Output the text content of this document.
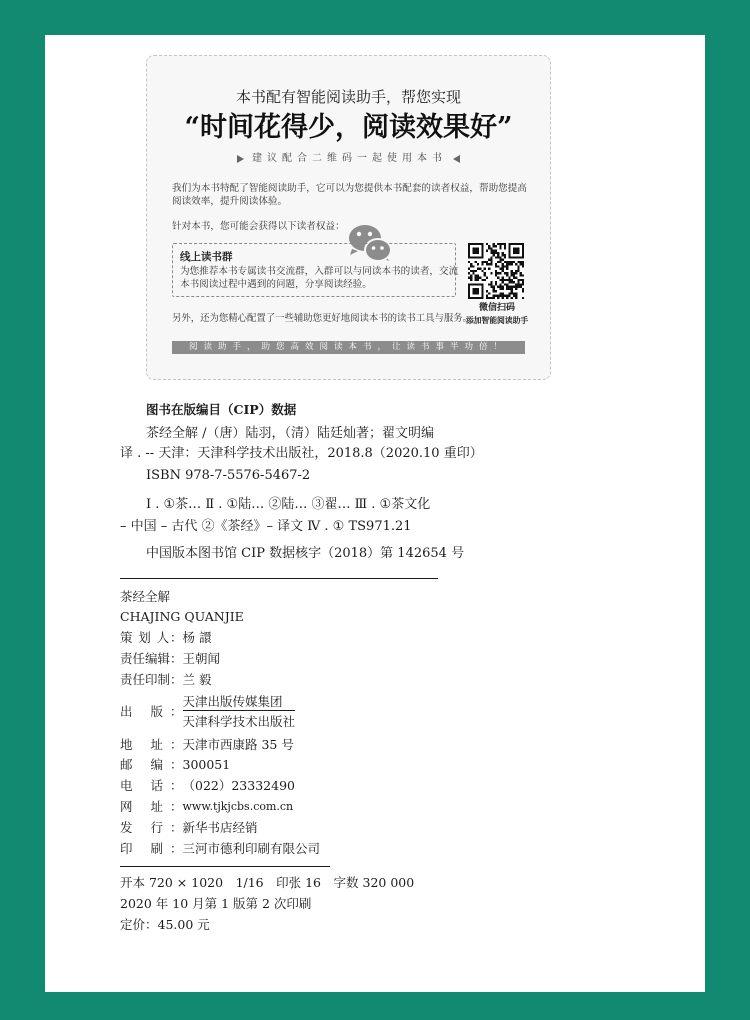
本书配有智能阅读助手，帮您实现
“时间花得少，阅读效果好”
建议配合二维码一起使用本书
我们为本书特配了智能阅读助手，它可以为您提供本书配套的读者权益，帮助您提高
阅读效率，提升阅读体验。
针对本书，您可能会获得以下读者权益：
线上读书群
为您推荐本书专属读书交流群，入群可以与同读本书的读者，交流
本书阅读过程中遇到的问题，分享阅读经验。
微信扫码
添加智能阅读助手
另外，还为您精心配置了一些辅助您更好地阅读本书的读书工具与服务。
阅读助手，助您高效阅读本书，让读书事半功倍！
图书在版编目（CIP）数据
茶经全解 /（唐）陆羽，（清）陆廷灿著；翟文明编
译 . -- 天津：天津科学技术出版社，2018.8（2020.10 重印）
ISBN 978-7-5576-5467-2
Ⅰ . ①茶… Ⅱ . ①陆… ②陆… ③翟… Ⅲ . ①茶文化
– 中国 – 古代 ②《茶经》– 译文 Ⅳ . ① TS971.21
中国版本图书馆 CIP 数据核字（2018）第 142654 号
茶经全解
CHAJING QUANJIE
策 划 人：杨 譞
责任编辑：王朝闻
责任印制：兰 毅
出 版：
天津出版传媒集团
天津科学技术出版社
地 址：天津市西康路 35 号
邮 编：300051
电 话：（022）23332490
网 址：www.tjkjcbs.com.cn
发 行：新华书店经销
印 刷：三河市德利印刷有限公司
开本 720 × 1020　1/16　印张 16　字数 320 000
2020 年 10 月第 1 版第 2 次印刷
定价：45.00 元
